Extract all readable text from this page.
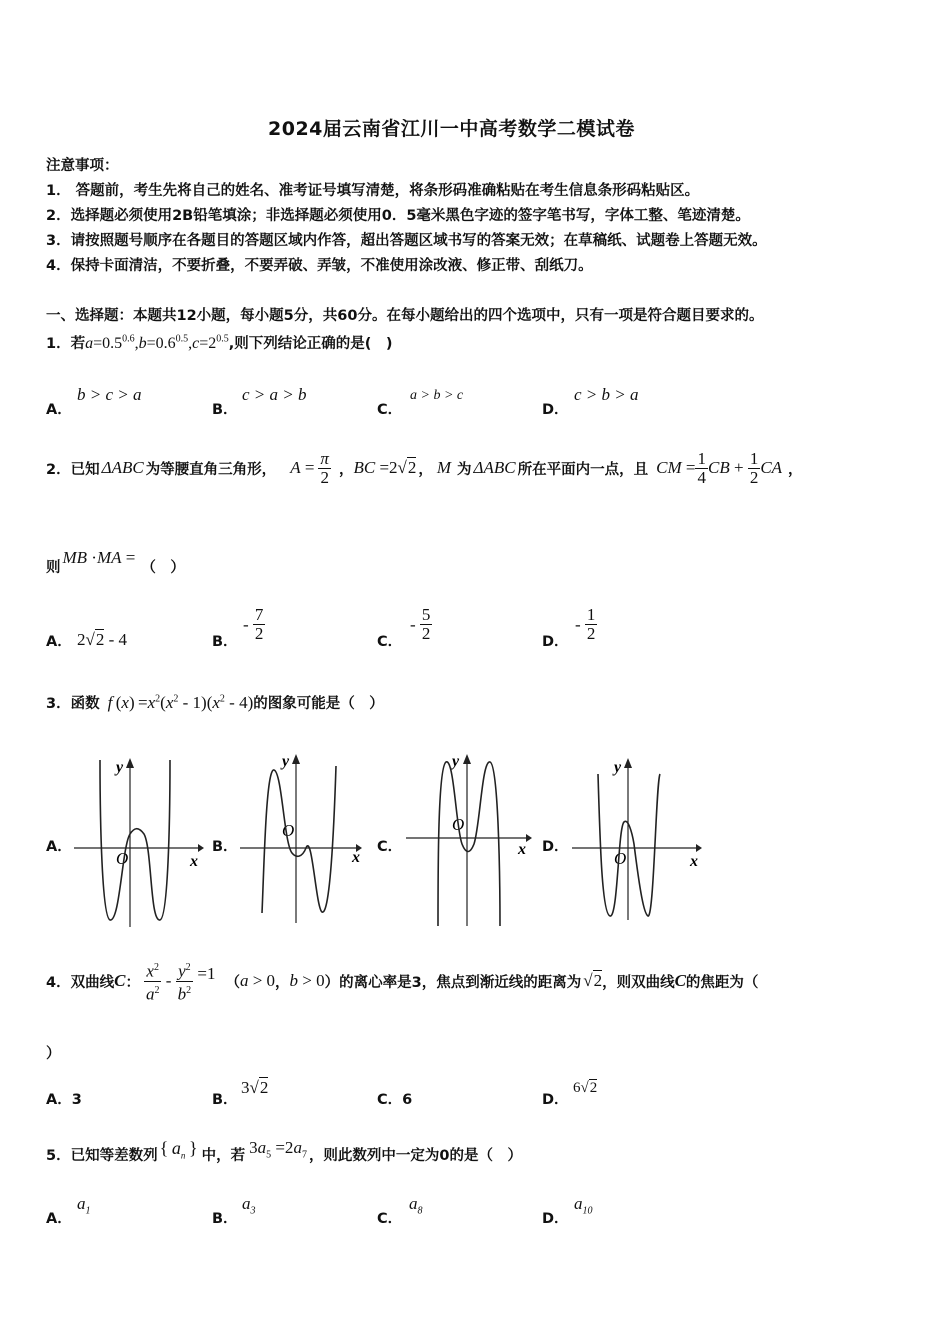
2024届云南省江川一中高考数学二模试卷
注意事项：
1． 答题前，考生先将自己的姓名、准考证号填写清楚，将条形码准确粘贴在考生信息条形码粘贴区。
2．选择题必须使用2B铅笔填涂；非选择题必须使用0．5毫米黑色字迹的签字笔书写，字体工整、笔迹清楚。
3．请按照题号顺序在各题目的答题区域内作答，超出答题区域书写的答案无效；在草稿纸、试题卷上答题无效。
4．保持卡面清洁，不要折叠，不要弄破、弄皱，不准使用涂改液、修正带、刮纸刀。
一、选择题：本题共12小题，每小题5分，共60分。在每小题给出的四个选项中，只有一项是符合题目要求的。
1．若$a=0.5^{0.6},b=0.6^{0.5},c=2^{0.5}$,则下列结论正确的是(　)
A．
b > c > a
B．
c > a > b
C．
a > b > c
D．
c > b > a
2．已知 ΔABC 为等腰直角三角形， $A = \frac{\pi}{2}$ ， BC =2√2 ， M 为 ΔABC 所在平面内一点，且 CM = $\frac{1}{4}$ CB + $\frac{1}{2}$ CA ，
则
MB · MA =
（　）
A． 2√2 - 4	B．
- $\frac{7}{2}$	C．
- $\frac{5}{2}$	D．
- $\frac{1}{2}$
3．函数 f $(x) =x^2(x^2 - 1)(x^2 - 4)$ 的图象可能是（　）
A．	B．	C．	D．
y
x
O
y
x
O
y
x
O
y
x
O
4．双曲线 C ： $\frac{x^2}{a^2} - \frac{y^2}{b^2} =1$ （ a > 0 ， b > 0 ） 的离心率是3，焦点到渐近线的距离为 √2 ，则双曲线 C 的焦距为（
）
A．3	B．
3√2
C．6	D．
6√2
5．已知等差数列 { $a_n$ } 中，若 $3a_5 =2a_7$ ，则此数列中一定为0的是（　）
A．
$a_1$
B．
$a_3$
C．
$a_8$
D．
$a_{10}$
